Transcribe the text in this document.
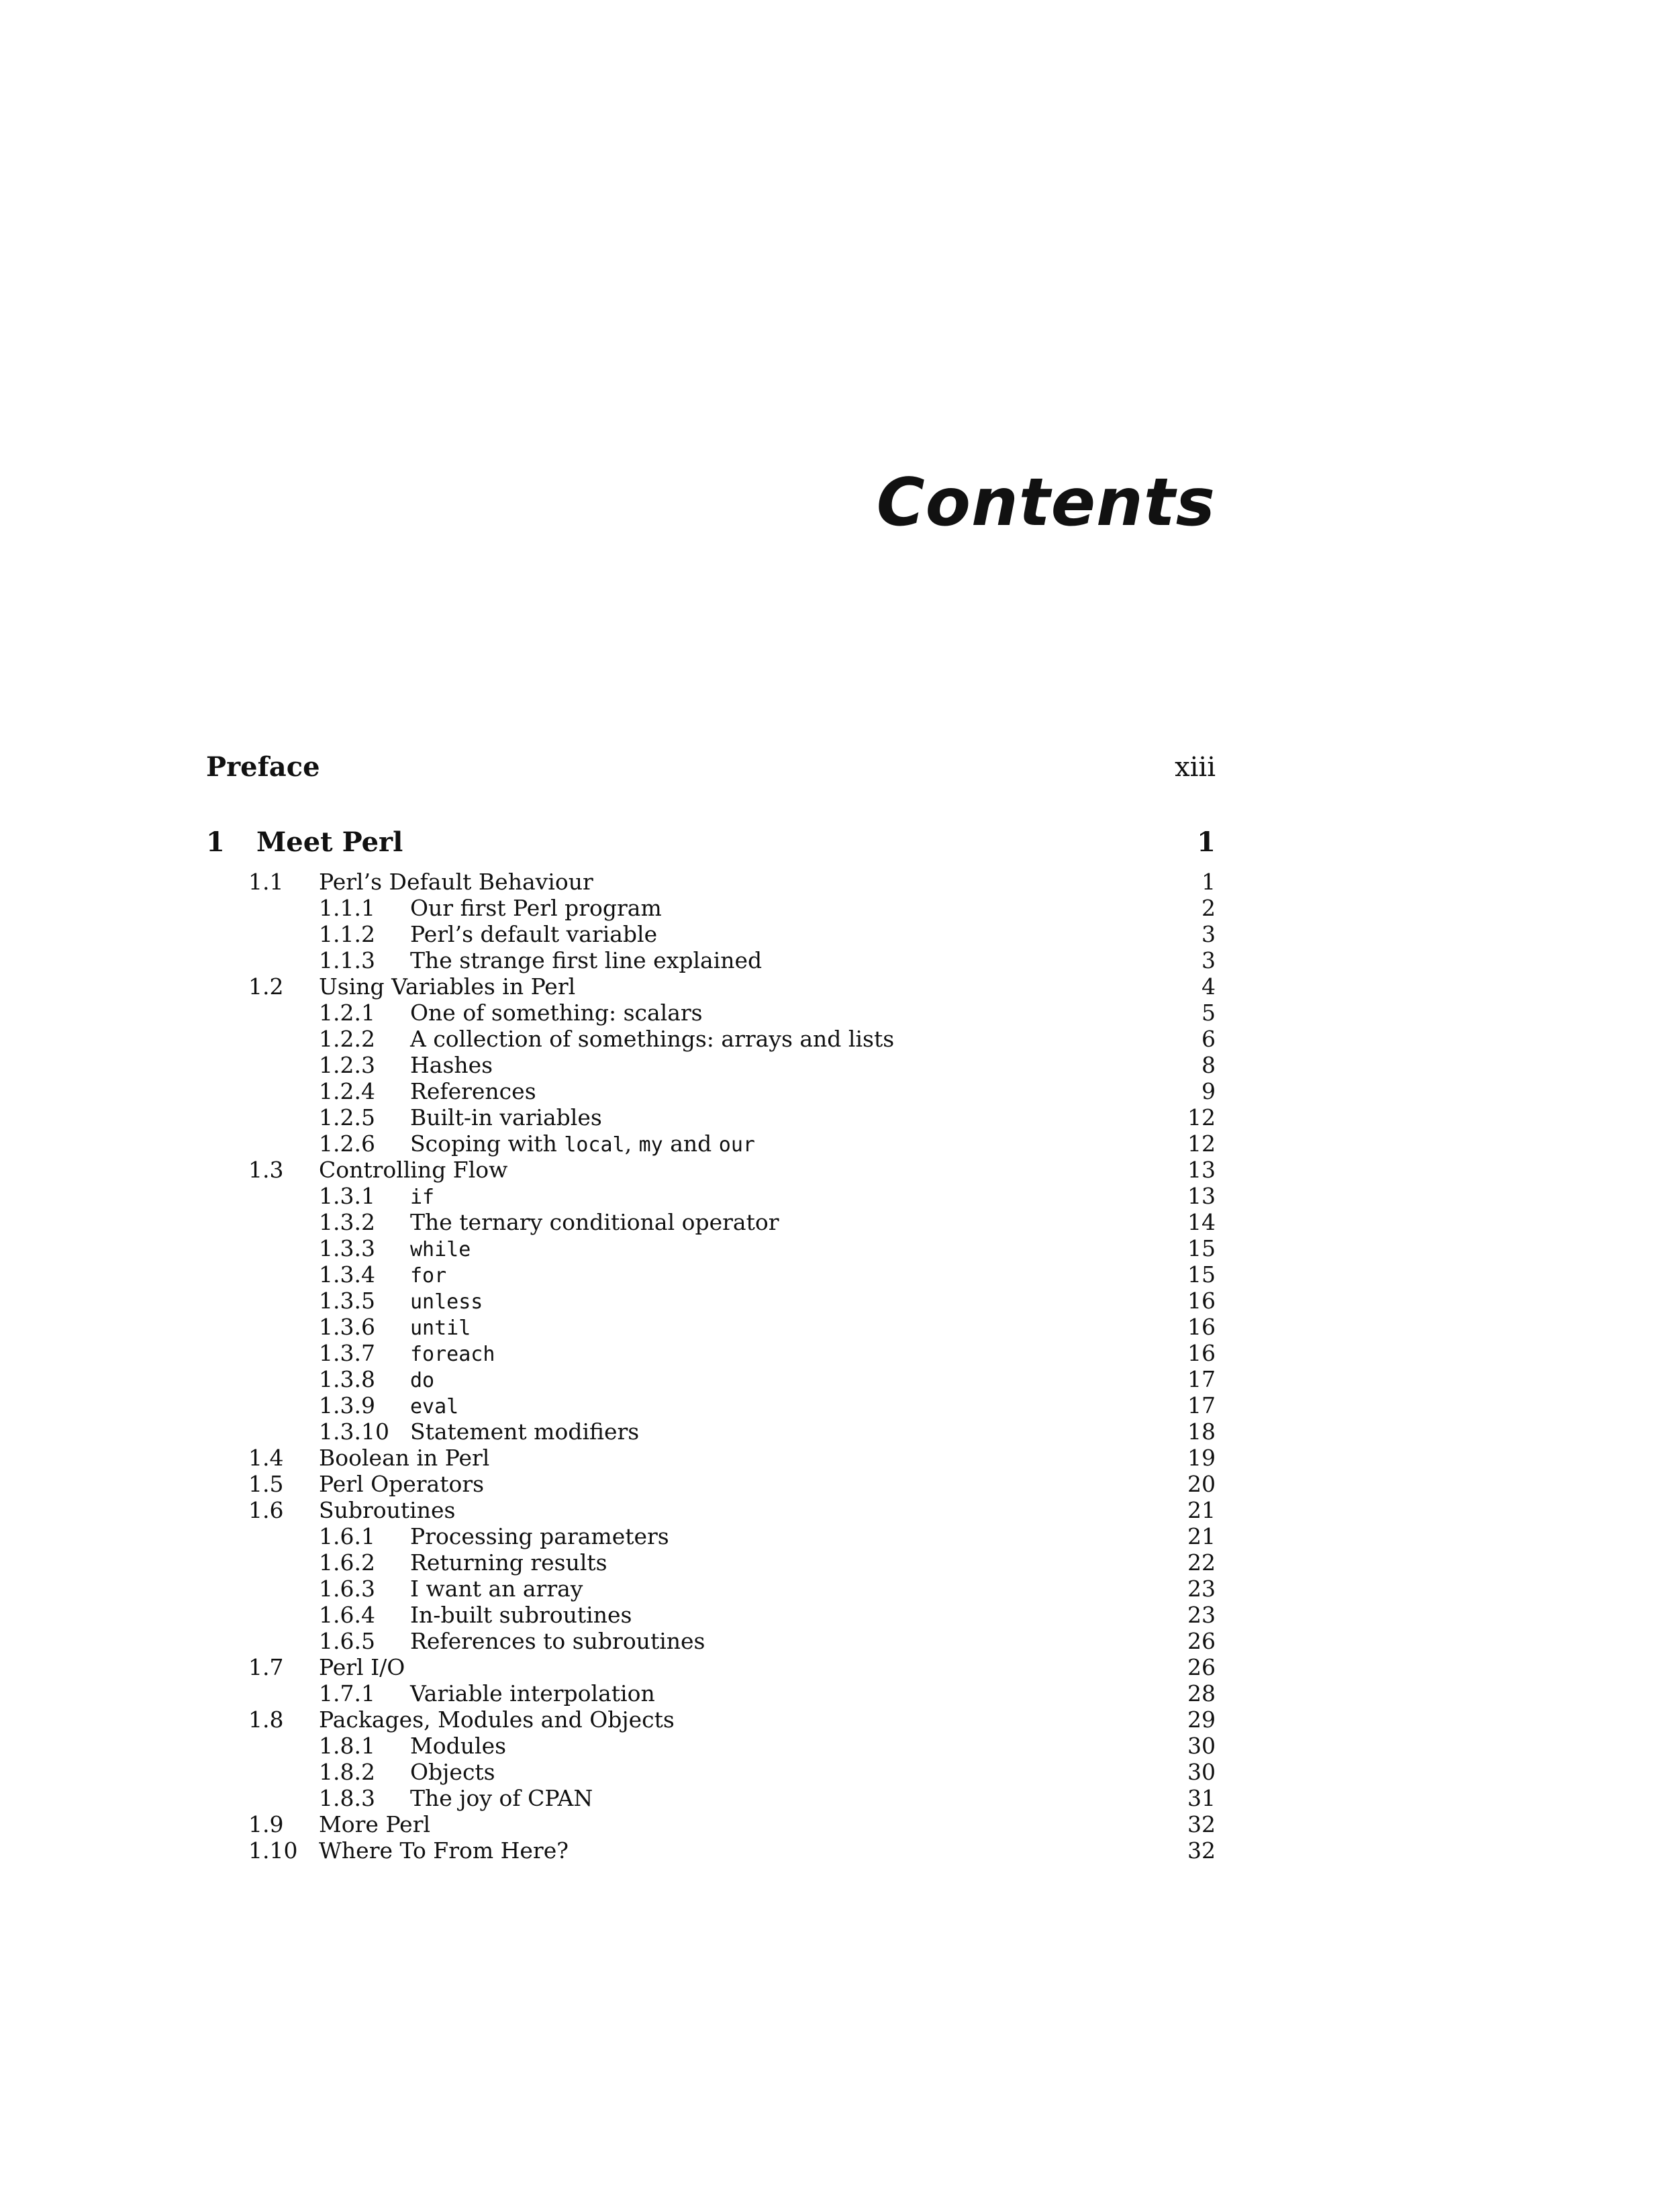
Contents
Preface	xiii
1 Meet Perl	1
1.1 Perl’s Default Behaviour	1
1.1.1 Our first Perl program	2
1.1.2 Perl’s default variable	3
1.1.3 The strange first line explained	3
1.2 Using Variables in Perl	4
1.2.1 One of something: scalars	5
1.2.2 A collection of somethings: arrays and lists	6
1.2.3 Hashes	8
1.2.4 References	9
1.2.5 Built-in variables	12
1.2.6 Scoping with local, my and our	12
1.3 Controlling Flow	13
1.3.1 if	13
1.3.2 The ternary conditional operator	14
1.3.3 while	15
1.3.4 for	15
1.3.5 unless	16
1.3.6 until	16
1.3.7 foreach	16
1.3.8 do	17
1.3.9 eval	17
1.3.10 Statement modifiers	18
1.4 Boolean in Perl	19
1.5 Perl Operators	20
1.6 Subroutines	21
1.6.1 Processing parameters	21
1.6.2 Returning results	22
1.6.3 I want an array	23
1.6.4 In-built subroutines	23
1.6.5 References to subroutines	26
1.7 Perl I/O	26
1.7.1 Variable interpolation	28
1.8 Packages, Modules and Objects	29
1.8.1 Modules	30
1.8.2 Objects	30
1.8.3 The joy of CPAN	31
1.9 More Perl	32
1.10 Where To From Here?	32
